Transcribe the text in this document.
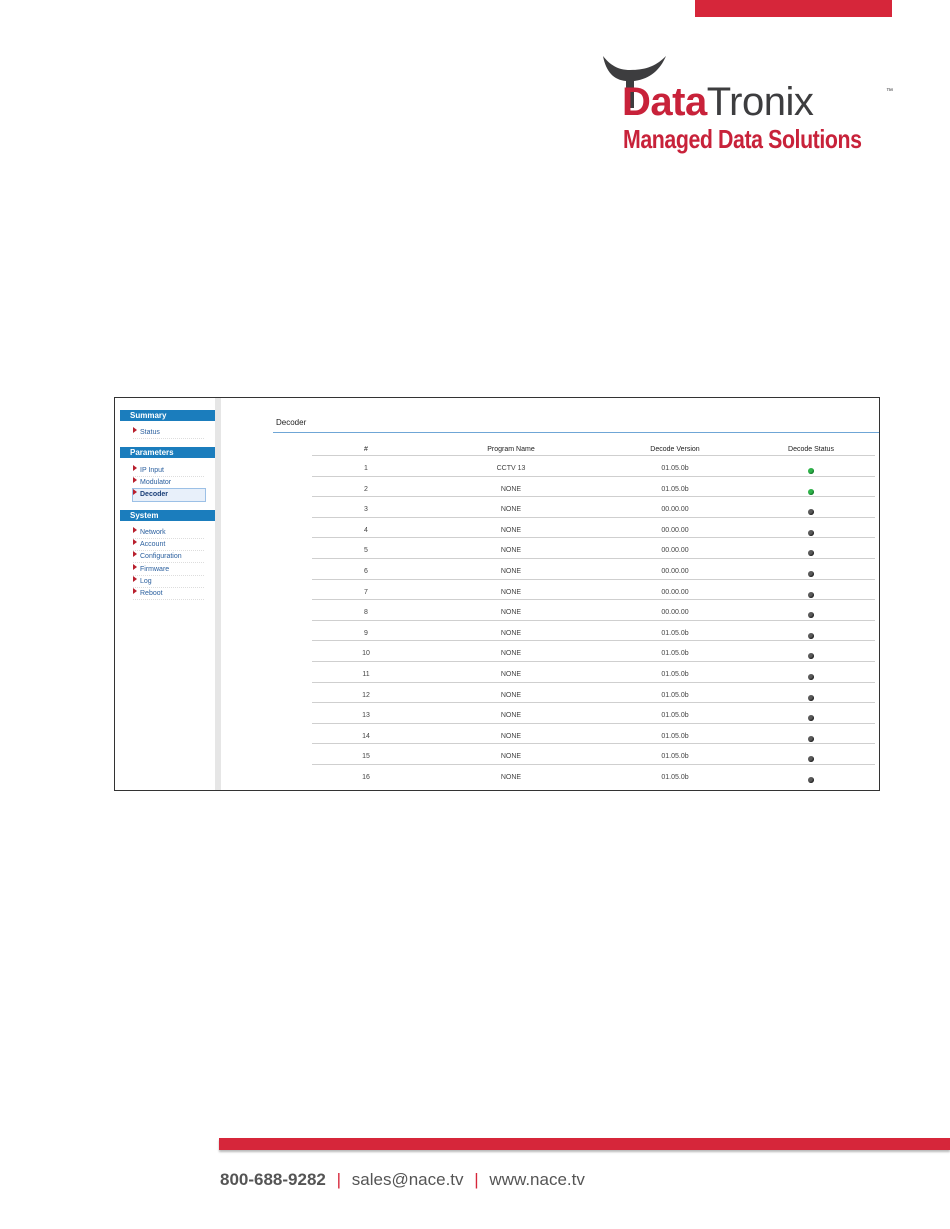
DataTronix	™
Managed Data Solutions
Summary
Status
Parameters
IP Input
Modulator
Decoder
System
Network
Account
Configuration
Firmware
Log
Reboot
Decoder
#	Program Name	Decode Version	Decode Status
1	CCTV 13	01.05.0b
2	NONE	01.05.0b
3	NONE	00.00.00
4	NONE	00.00.00
5	NONE	00.00.00
6	NONE	00.00.00
7	NONE	00.00.00
8	NONE	00.00.00
9	NONE	01.05.0b
10	NONE	01.05.0b
11	NONE	01.05.0b
12	NONE	01.05.0b
13	NONE	01.05.0b
14	NONE	01.05.0b
15	NONE	01.05.0b
16	NONE	01.05.0b
800-688-9282 | sales@nace.tv | www.nace.tv
